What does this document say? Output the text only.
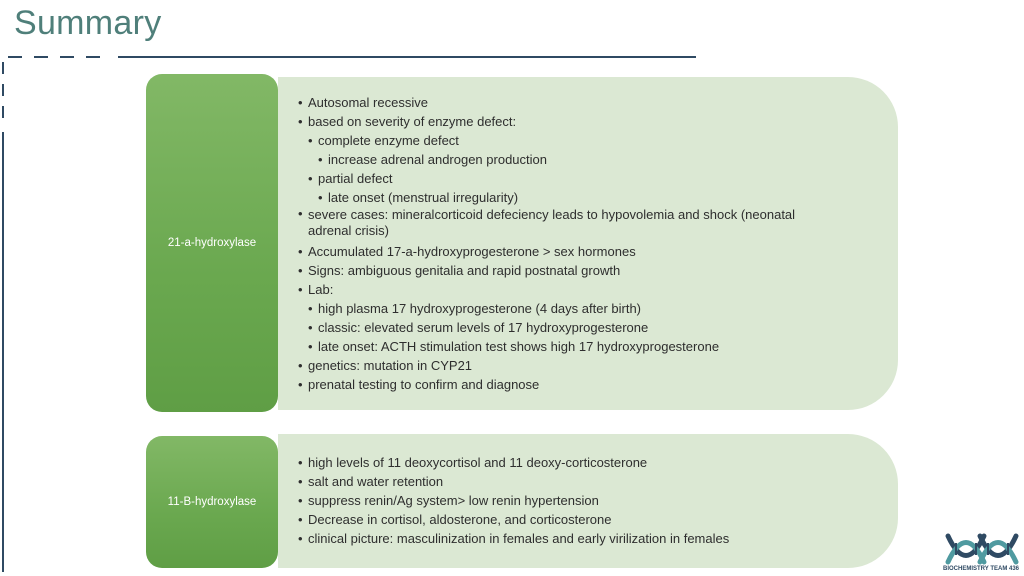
Summary
21-a-hydroxylase
• Autosomal recessive
• based on severity of enzyme defect:
• complete enzyme defect
• increase adrenal androgen production
• partial defect
• late onset (menstrual irregularity)
• severe cases: mineralcorticoid defeciency leads to hypovolemia and shock (neonatal adrenal crisis)
• Accumulated 17-a-hydroxyprogesterone > sex hormones
• Signs: ambiguous genitalia and rapid postnatal growth
• Lab:
• high plasma 17 hydroxyprogesterone (4 days after birth)
• classic: elevated serum levels of 17 hydroxyprogesterone
• late onset: ACTH stimulation test shows high 17 hydroxyprogesterone
• genetics: mutation in CYP21
• prenatal testing to confirm and diagnose
11-B-hydroxylase
• high levels of 11 deoxycortisol and 11 deoxy-corticosterone
• salt and water retention
• suppress renin/Ag system> low renin hypertension
• Decrease in cortisol, aldosterone, and corticosterone
• clinical picture: masculinization in females and early virilization in females
BIOCHEMISTRY TEAM 436
